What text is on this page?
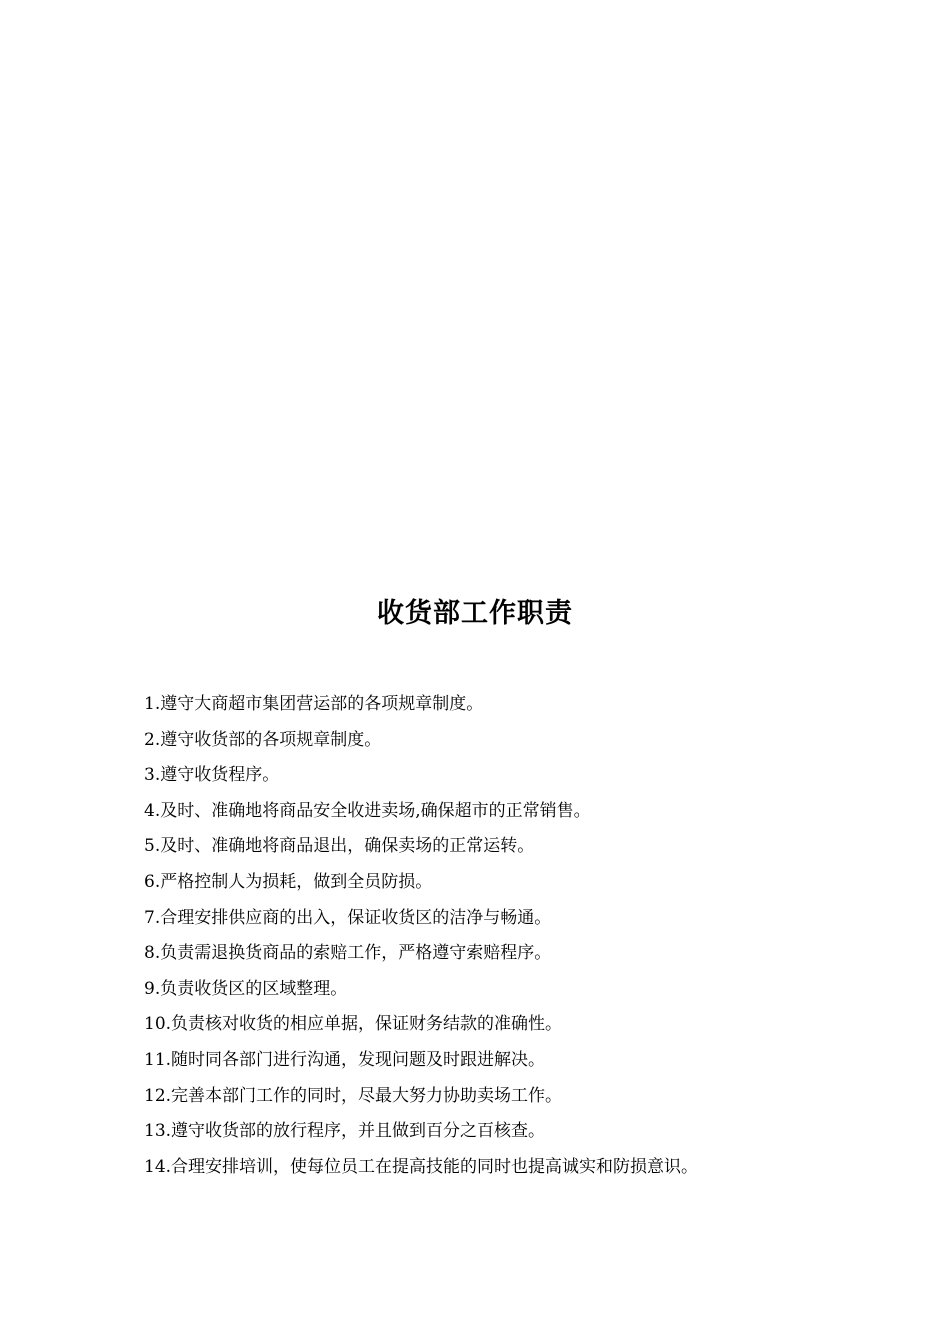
收货部工作职责
1.遵守大商超市集团营运部的各项规章制度。
2.遵守收货部的各项规章制度。
3.遵守收货程序。
4.及时、准确地将商品安全收进卖场,确保超市的正常销售。
5.及时、准确地将商品退出，确保卖场的正常运转。
6.严格控制人为损耗，做到全员防损。
7.合理安排供应商的出入，保证收货区的洁净与畅通。
8.负责需退换货商品的索赔工作，严格遵守索赔程序。
9.负责收货区的区域整理。
10.负责核对收货的相应单据，保证财务结款的准确性。
11.随时同各部门进行沟通，发现问题及时跟进解决。
12.完善本部门工作的同时，尽最大努力协助卖场工作。
13.遵守收货部的放行程序，并且做到百分之百核查。
14.合理安排培训，使每位员工在提高技能的同时也提高诚实和防损意识。
